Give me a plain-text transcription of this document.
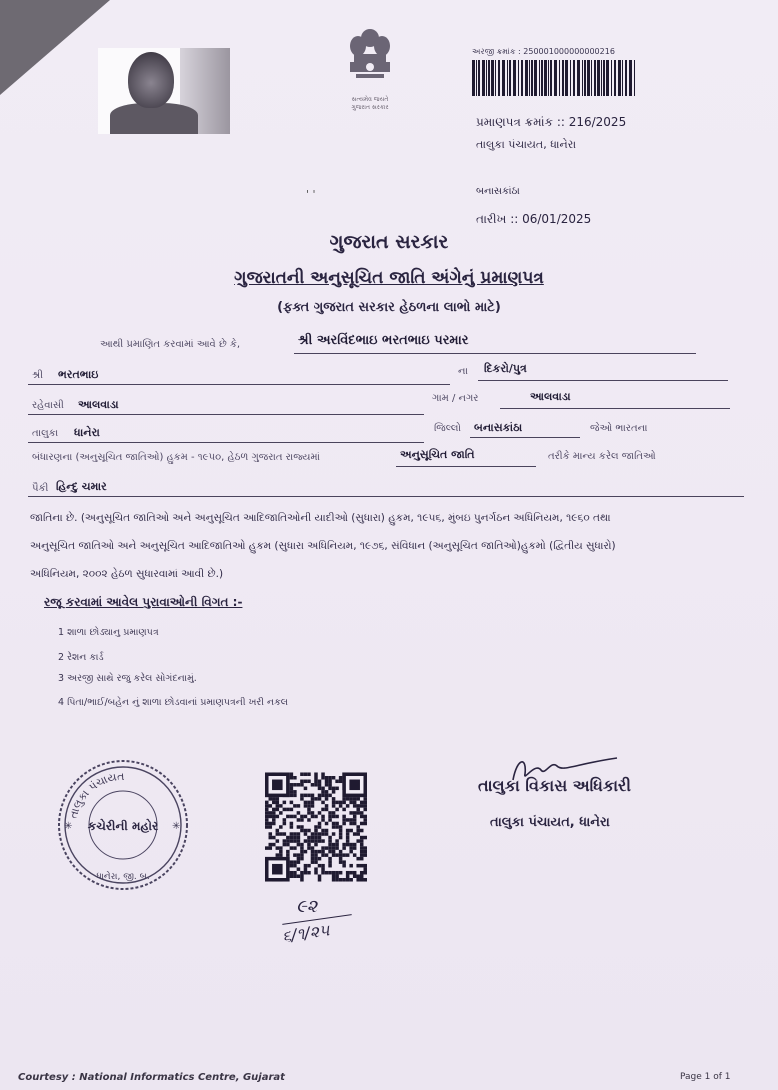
સત્યમેવ જયતે
ગુજરાત સરકાર
અરજી ક્રમાંક : 250001000000000216
પ્રમાણપત્ર ક્રમાંક :: 216/2025
તાલુકા પંચાયત, ધાનેરા
' '	બનાસકાંઠા
તારીખ :: 06/01/2025
ગુજરાત સરકાર
ગુજરાતની અનુસૂચિત જાતિ અંગેનું પ્રમાણપત્ર
(ફક્ત ગુજરાત સરકાર હેઠળના લાભો માટે)
આથી પ્રમાણિત કરવામાં આવે છે કે,	શ્રી અરવિંદભાઇ ભરતભાઇ પરમાર
શ્રી ભરતભાઇ	ના દિકરો/પુત્ર
રહેવાસી આલવાડા	ગામ / નગર	આલવાડા
તાલુકા ધાનેરા	જિલ્લો બનાસકાંઠા	જેઓ ભારતના
બંધારણના (અનુસૂચિત જાતિઓ) હુકમ - ૧૯૫૦, હેઠળ ગુજરાત રાજ્યમાં	અનુસૂચિત જાતિ	તરીકે માન્ય કરેલ જાતિઓ
પૈકી હિન્દુ ચમાર
જાતિના છે. (અનુસૂચિત જાતિઓ અને અનુસૂચિત આદિજાતિઓની યાદીઓ (સુધારા) હુકમ, ૧૯૫૬, મુંબઇ પુનર્ગઠન અધિનિયમ, ૧૯૬૦ તથા
અનુસૂચિત જાતિઓ અને અનુસૂચિત આદિજાતિઓ હુકમ (સુધારા અધિનિયમ, ૧૯૭૬, સંવિધાન (અનુસૂચિત જાતિઓ)હુકમો (દ્વિતીય સુધારો)
અધિનિયમ, ૨૦૦૨ હેઠળ સુધારવામાં આવી છે.)
રજૂ કરવામાં આવેલ પુરાવાઓની વિગત :-
1 શાળા છોડ્યાનુ પ્રમાણપત્ર
2 રેશન કાર્ડ
3 અરજી સાથે રજુ કરેલ સોગંદનામું.
4 પિતા/ભાઈ/બહેન નું શાળા છોડવાનાં પ્રમાણપત્રની ખરી નકલ
તાલુકા પંચાયત
કચેરીની મહોર
ધાનેરા, જી. બ.
✳	✳
તાલુકા વિકાસ અધિકારી
તાલુકા પંચાયત, ધાનેરા
૯૨
૬/૧/૨૫
Courtesy : National Informatics Centre, Gujarat	Page 1 of 1
